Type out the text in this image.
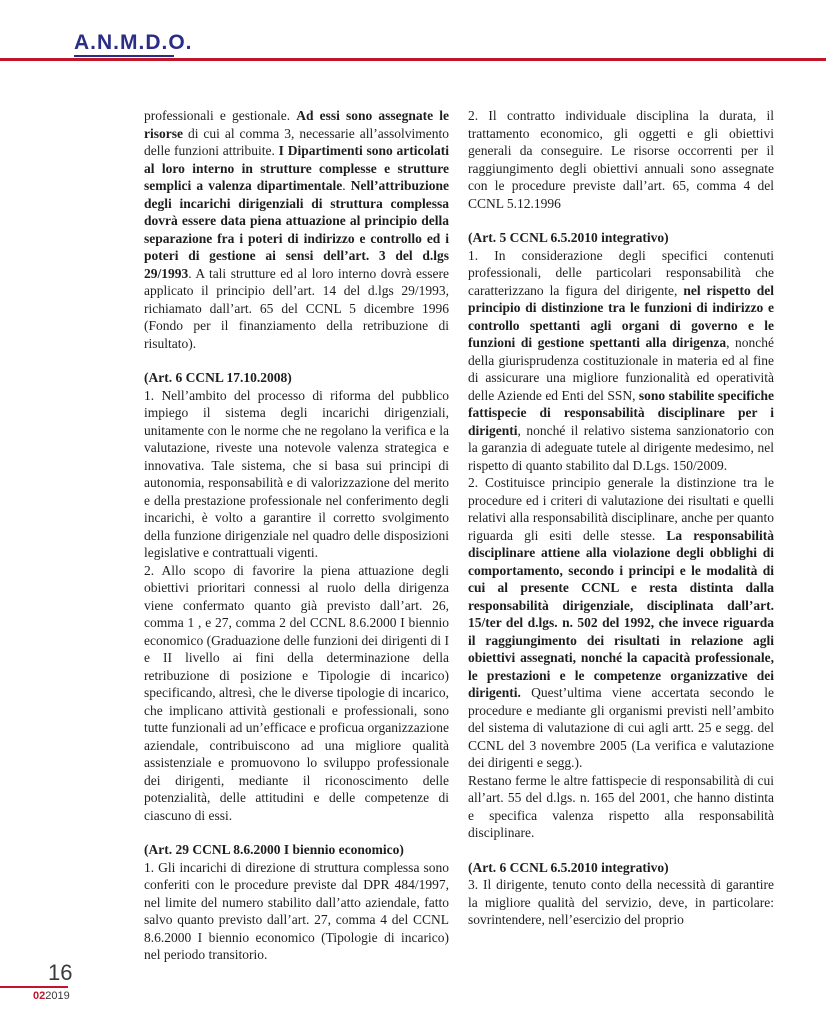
A.N.M.D.O.

professionali e gestionale. Ad essi sono assegnate le risorse di cui al comma 3, necessarie all’assolvimento delle funzioni attribuite. I Dipartimenti sono articolati al loro interno in strutture complesse e strutture semplici a valenza dipartimentale. Nell’attribuzione degli incarichi dirigenziali di struttura complessa dovrà essere data piena attuazione al principio della separazione fra i poteri di indirizzo e controllo ed i poteri di gestione ai sensi dell’art. 3 del d.lgs 29/1993. A tali strutture ed al loro interno dovrà essere applicato il principio dell’art. 14 del d.lgs 29/1993, richiamato dall’art. 65 del CCNL 5 dicembre 1996 (Fondo per il finanziamento della retribuzione di risultato).

(Art. 6 CCNL 17.10.2008)

1. Nell’ambito del processo di riforma del pubblico impiego il sistema degli incarichi dirigenziali, unitamente con le norme che ne regolano la verifica e la valutazione, riveste una notevole valenza strategica e innovativa. Tale sistema, che si basa sui principi di autonomia, responsabilità e di valorizzazione del merito e della prestazione professionale nel conferimento degli incarichi, è volto a garantire il corretto svolgimento della funzione dirigenziale nel quadro delle disposizioni legislative e contrattuali vigenti.

2. Allo scopo di favorire la piena attuazione degli obiettivi prioritari connessi al ruolo della dirigenza viene confermato quanto già previsto dall’art. 26, comma 1 , e 27, comma 2 del CCNL 8.6.2000 I biennio economico (Graduazione delle funzioni dei dirigenti di I e II livello ai fini della determinazione della retribuzione di posizione e Tipologie di incarico) specificando, altresì, che le diverse tipologie di incarico, che implicano attività gestionali e professionali, sono tutte funzionali ad un’efficace e proficua organizzazione aziendale, contribuiscono ad una migliore qualità assistenziale e promuovono lo sviluppo professionale dei dirigenti, mediante il riconoscimento delle potenzialità, delle attitudini e delle competenze di ciascuno di essi.

(Art. 29 CCNL 8.6.2000 I biennio economico)

1. Gli incarichi di direzione di struttura complessa sono conferiti con le procedure previste dal DPR 484/1997, nel limite del numero stabilito dall’atto aziendale, fatto salvo quanto previsto dall’art. 27, comma 4 del CCNL 8.6.2000 I biennio economico (Tipologie di incarico) nel periodo transitorio.

2. Il contratto individuale disciplina la durata, il trattamento economico, gli oggetti e gli obiettivi generali da conseguire. Le risorse occorrenti per il raggiungimento degli obiettivi annuali sono assegnate con le procedure previste dall’art. 65, comma 4 del CCNL 5.12.1996

(Art. 5 CCNL 6.5.2010 integrativo)

1. In considerazione degli specifici contenuti professionali, delle particolari responsabilità che caratterizzano la figura del dirigente, nel rispetto del principio di distinzione tra le funzioni di indirizzo e controllo spettanti agli organi di governo e le funzioni di gestione spettanti alla dirigenza, nonché della giurisprudenza costituzionale in materia ed al fine di assicurare una migliore funzionalità ed operatività delle Aziende ed Enti del SSN, sono stabilite specifiche fattispecie di responsabilità disciplinare per i dirigenti, nonché il relativo sistema sanzionatorio con la garanzia di adeguate tutele al dirigente medesimo, nel rispetto di quanto stabilito dal D.Lgs. 150/2009.

2. Costituisce principio generale la distinzione tra le procedure ed i criteri di valutazione dei risultati e quelli relativi alla responsabilità disciplinare, anche per quanto riguarda gli esiti delle stesse. La responsabilità disciplinare attiene alla violazione degli obblighi di comportamento, secondo i principi e le modalità di cui al presente CCNL e resta distinta dalla responsabilità dirigenziale, disciplinata dall’art. 15/ter del d.lgs. n. 502 del 1992, che invece riguarda il raggiungimento dei risultati in relazione agli obiettivi assegnati, nonché la capacità professionale, le prestazioni e le competenze organizzative dei dirigenti. Quest’ultima viene accertata secondo le procedure e mediante gli organismi previsti nell’ambito del sistema di valutazione di cui agli artt. 25 e segg. del CCNL del 3 novembre 2005 (La verifica e valutazione dei dirigenti e segg.).

Restano ferme le altre fattispecie di responsabilità di cui all’art. 55 del d.lgs. n. 165 del 2001, che hanno distinta e specifica valenza rispetto alla responsabilità disciplinare.

(Art. 6 CCNL 6.5.2010 integrativo)

3. Il dirigente, tenuto conto della necessità di garantire la migliore qualità del servizio, deve, in particolare: sovrintendere, nell’esercizio del proprio

16
022019
